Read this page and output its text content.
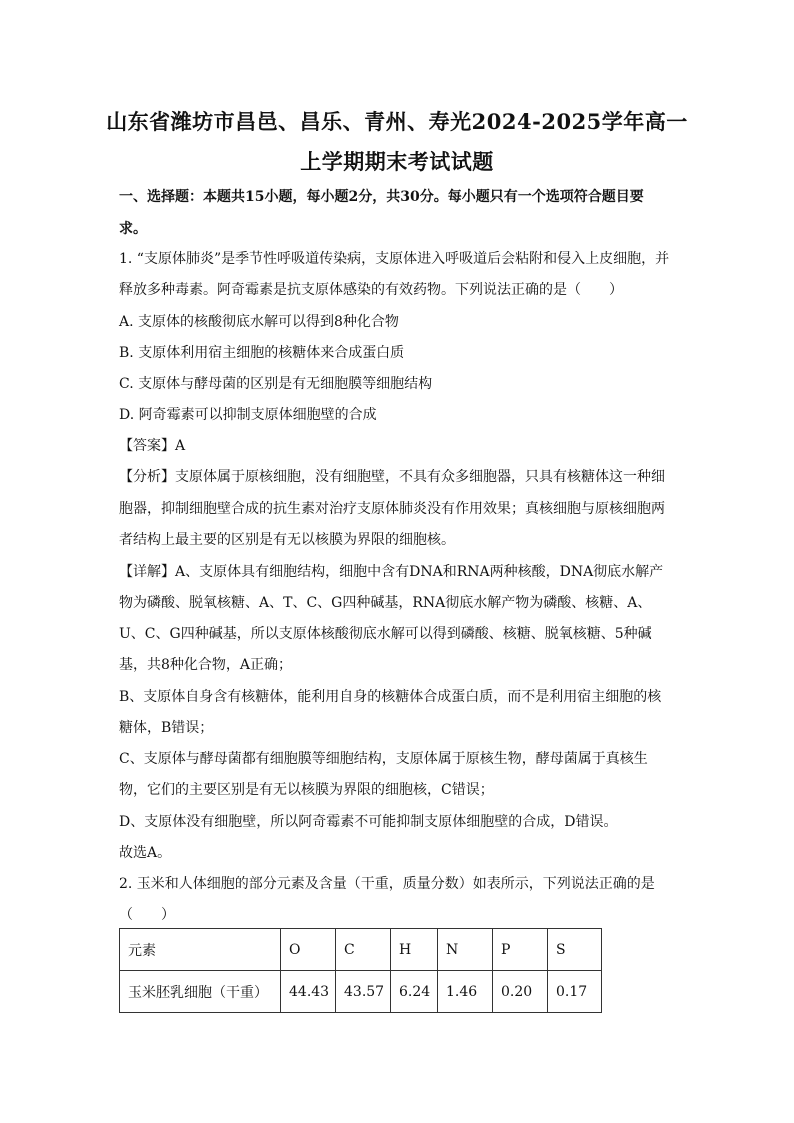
山东省潍坊市昌邑、昌乐、青州、寿光2024-2025学年高一
上学期期末考试试题

一、选择题：本题共15小题，每小题2分，共30分。每小题只有一个选项符合题目要

求。

1. “支原体肺炎”是季节性呼吸道传染病，支原体进入呼吸道后会粘附和侵入上皮细胞，并

释放多种毒素。阿奇霉素是抗支原体感染的有效药物。下列说法正确的是（　　）

A. 支原体的核酸彻底水解可以得到8种化合物

B. 支原体利用宿主细胞的核糖体来合成蛋白质

C. 支原体与酵母菌的区别是有无细胞膜等细胞结构

D. 阿奇霉素可以抑制支原体细胞壁的合成

【答案】A

【分析】支原体属于原核细胞，没有细胞壁，不具有众多细胞器，只具有核糖体这一种细

胞器，抑制细胞壁合成的抗生素对治疗支原体肺炎没有作用效果；真核细胞与原核细胞两

者结构上最主要的区别是有无以核膜为界限的细胞核。

【详解】A、支原体具有细胞结构，细胞中含有DNA和RNA两种核酸，DNA彻底水解产

物为磷酸、脱氧核糖、A、T、C、G四种碱基，RNA彻底水解产物为磷酸、核糖、A、

U、C、G四种碱基，所以支原体核酸彻底水解可以得到磷酸、核糖、脱氧核糖、5种碱

基，共8种化合物，A正确；

B、支原体自身含有核糖体，能利用自身的核糖体合成蛋白质，而不是利用宿主细胞的核

糖体，B错误；

C、支原体与酵母菌都有细胞膜等细胞结构，支原体属于原核生物，酵母菌属于真核生

物，它们的主要区别是有无以核膜为界限的细胞核，C错误；

D、支原体没有细胞壁，所以阿奇霉素不可能抑制支原体细胞壁的合成，D错误。

故选A。

2. 玉米和人体细胞的部分元素及含量（干重，质量分数）如表所示，下列说法正确的是

（　　）

元素	O	C	H	N	P	S
玉米胚乳细胞（干重）	44.43	43.57	6.24	1.46	0.20	0.17
